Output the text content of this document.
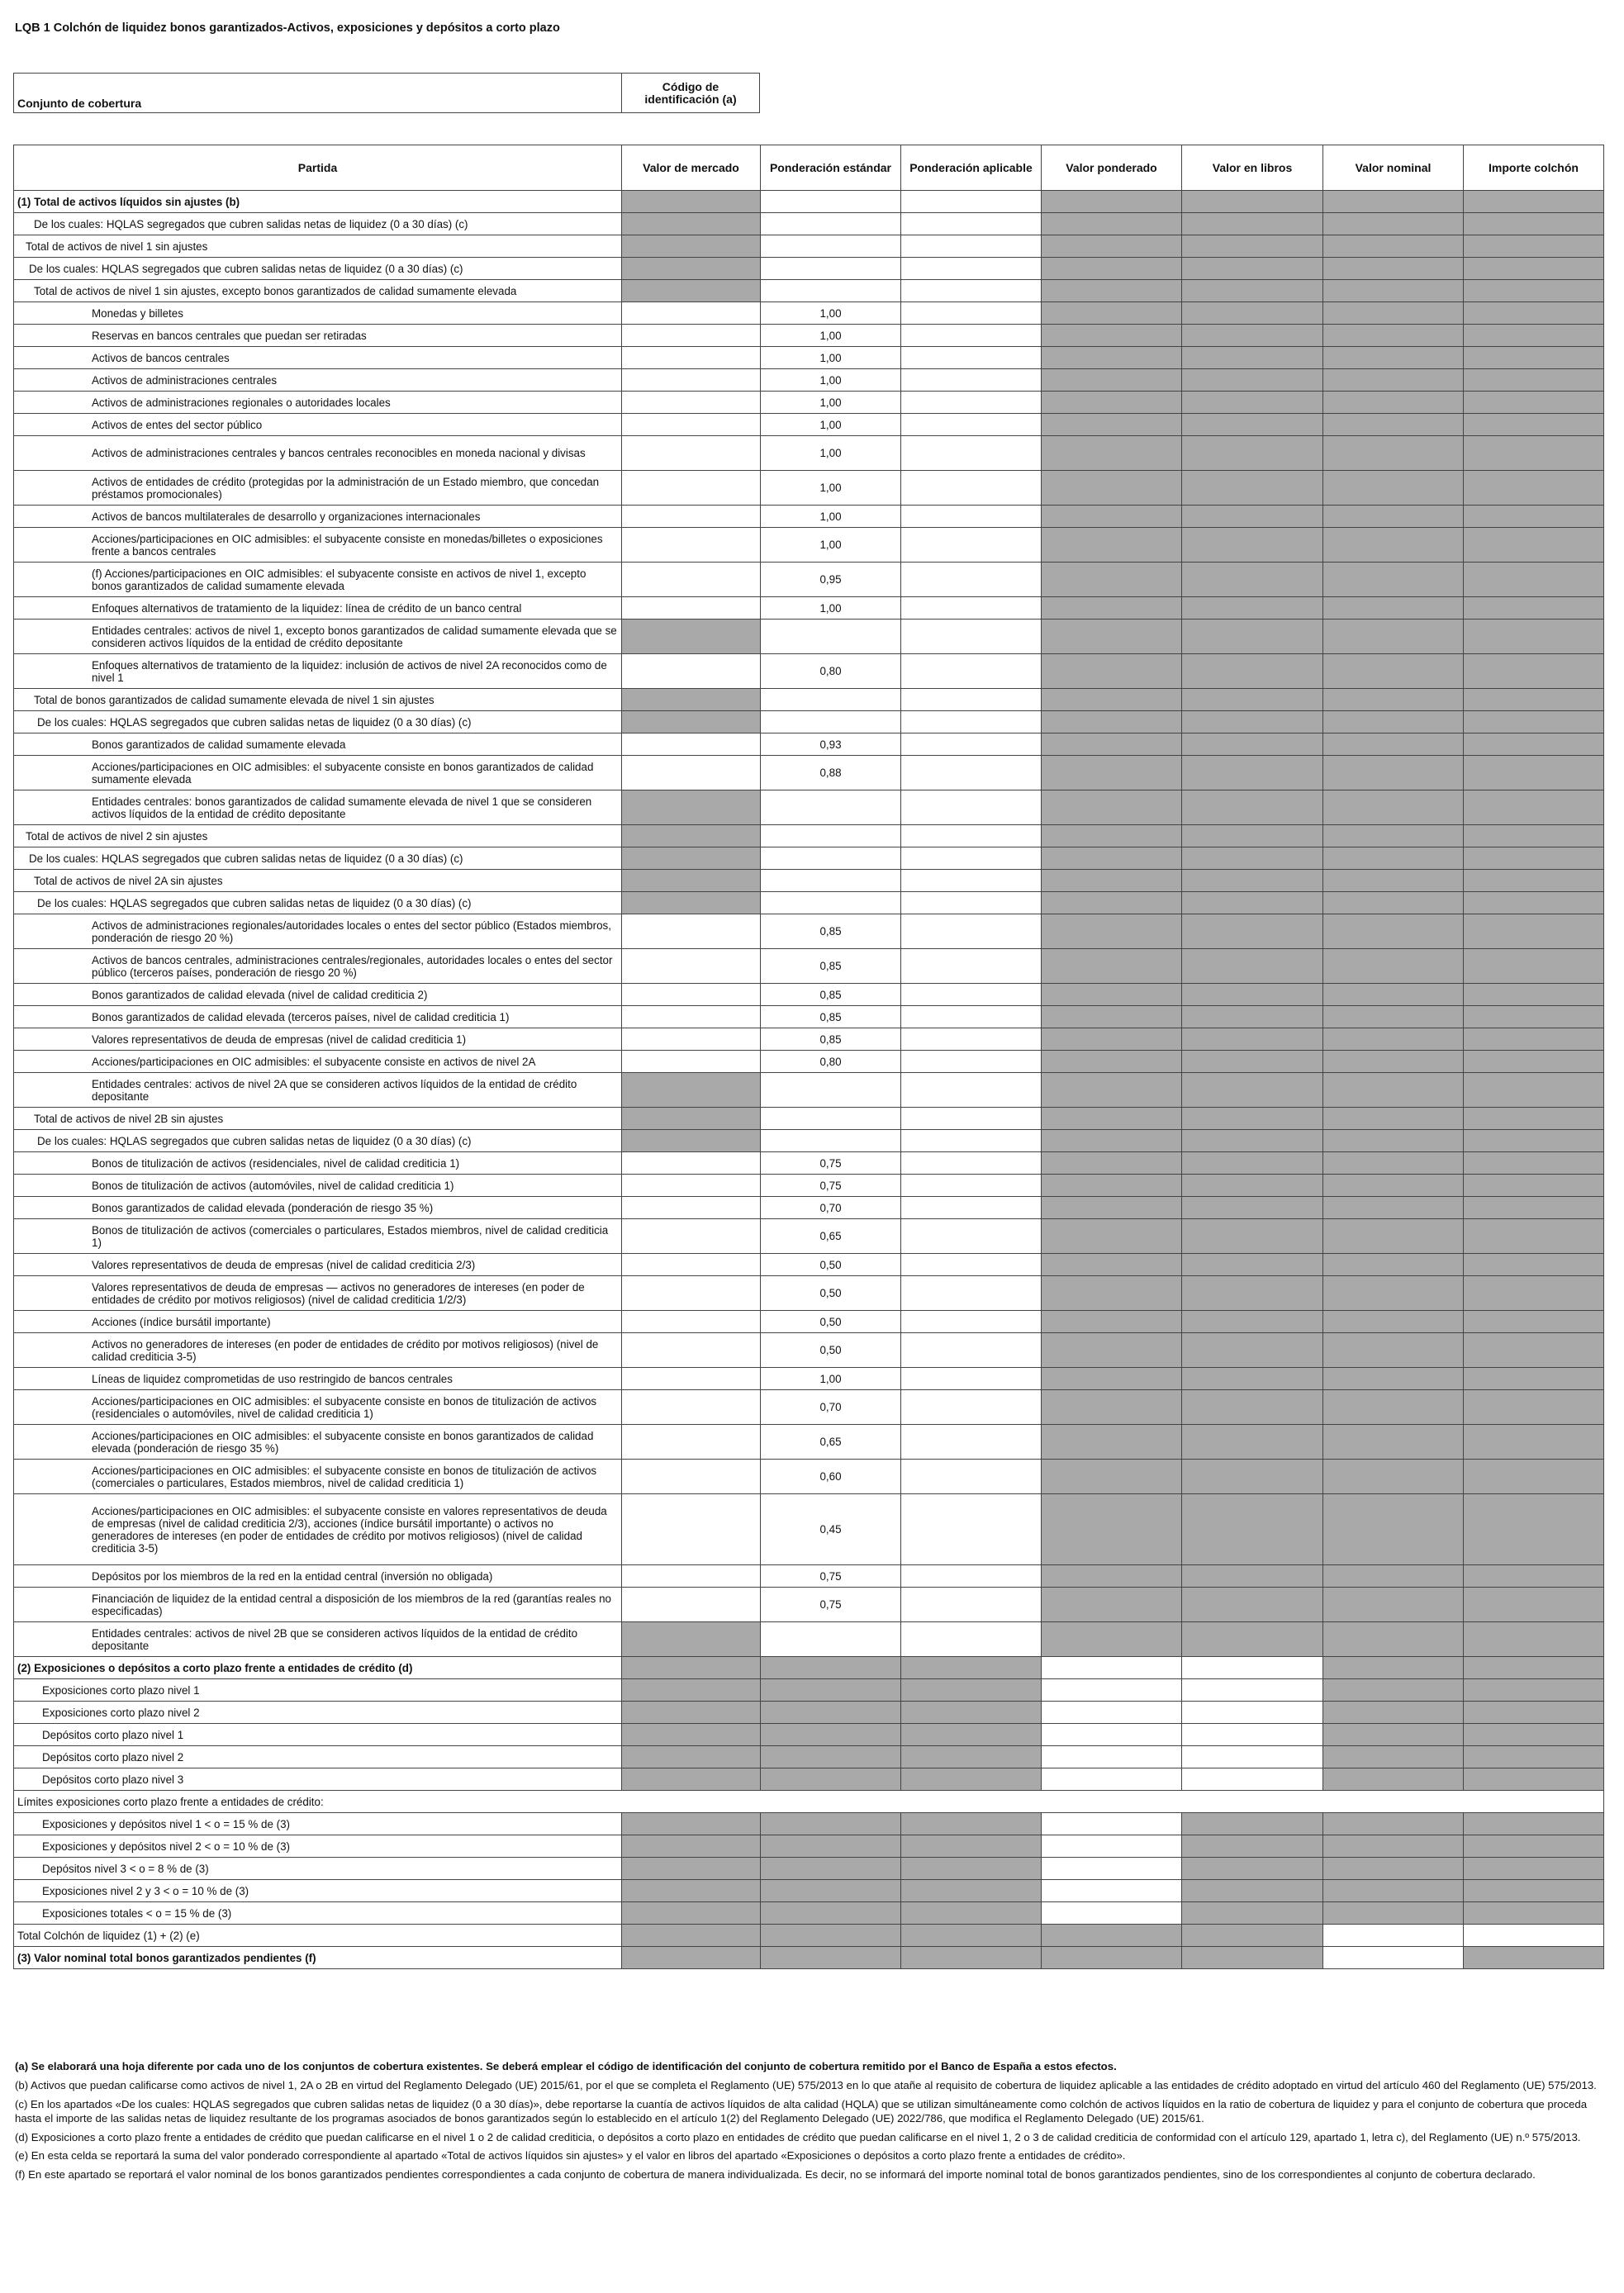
LQB 1 Colchón de liquidez bonos garantizados-Activos, exposiciones y depósitos a corto plazo
Conjunto de cobertura	Código de identificación (a)
Partida	Valor de mercado	Ponderación estándar	Ponderación aplicable	Valor ponderado	Valor en libros	Valor nominal	Importe colchón
(1) Total de activos líquidos sin ajustes (b)							
De los cuales: HQLAS segregados que cubren salidas netas de liquidez (0 a 30 días) (c)							
Total de activos de nivel 1 sin ajustes							
De los cuales: HQLAS segregados que cubren salidas netas de liquidez (0 a 30 días) (c)							
Total de activos de nivel 1 sin ajustes, excepto bonos garantizados de calidad sumamente elevada							
Monedas y billetes		1,00					
Reservas en bancos centrales que puedan ser retiradas		1,00					
Activos de bancos centrales		1,00					
Activos de administraciones centrales		1,00					
Activos de administraciones regionales o autoridades locales		1,00					
Activos de entes del sector público		1,00					
Activos de administraciones centrales y bancos centrales reconocibles en moneda nacional y divisas		1,00					
Activos de entidades de crédito (protegidas por la administración de un Estado miembro, que concedan préstamos promocionales)		1,00					
Activos de bancos multilaterales de desarrollo y organizaciones internacionales		1,00					
Acciones/participaciones en OIC admisibles: el subyacente consiste en monedas/billetes o exposiciones frente a bancos centrales		1,00					
(f) Acciones/participaciones en OIC admisibles: el subyacente consiste en activos de nivel 1, excepto bonos garantizados de calidad sumamente elevada		0,95					
Enfoques alternativos de tratamiento de la liquidez: línea de crédito de un banco central		1,00					
Entidades centrales: activos de nivel 1, excepto bonos garantizados de calidad sumamente elevada que se consideren activos líquidos de la entidad de crédito depositante							
Enfoques alternativos de tratamiento de la liquidez: inclusión de activos de nivel 2A reconocidos como de nivel 1		0,80					
Total de bonos garantizados de calidad sumamente elevada de nivel 1 sin ajustes							
De los cuales: HQLAS segregados que cubren salidas netas de liquidez (0 a 30 días) (c)							
Bonos garantizados de calidad sumamente elevada		0,93					
Acciones/participaciones en OIC admisibles: el subyacente consiste en bonos garantizados de calidad sumamente elevada		0,88					
Entidades centrales: bonos garantizados de calidad sumamente elevada de nivel 1 que se consideren activos líquidos de la entidad de crédito depositante							
Total de activos de nivel 2 sin ajustes							
De los cuales: HQLAS segregados que cubren salidas netas de liquidez (0 a 30 días) (c)							
Total de activos de nivel 2A sin ajustes							
De los cuales: HQLAS segregados que cubren salidas netas de liquidez (0 a 30 días) (c)							
Activos de administraciones regionales/autoridades locales o entes del sector público (Estados miembros, ponderación de riesgo 20 %)		0,85					
Activos de bancos centrales, administraciones centrales/regionales, autoridades locales o entes del sector público (terceros países, ponderación de riesgo 20 %)		0,85					
Bonos garantizados de calidad elevada (nivel de calidad crediticia 2)		0,85					
Bonos garantizados de calidad elevada (terceros países, nivel de calidad crediticia 1)		0,85					
Valores representativos de deuda de empresas (nivel de calidad crediticia 1)		0,85					
Acciones/participaciones en OIC admisibles: el subyacente consiste en activos de nivel 2A		0,80					
Entidades centrales: activos de nivel 2A que se consideren activos líquidos de la entidad de crédito depositante							
Total de activos de nivel 2B sin ajustes							
De los cuales: HQLAS segregados que cubren salidas netas de liquidez (0 a 30 días) (c)							
Bonos de titulización de activos (residenciales, nivel de calidad crediticia 1)		0,75					
Bonos de titulización de activos (automóviles, nivel de calidad crediticia 1)		0,75					
Bonos garantizados de calidad elevada (ponderación de riesgo 35 %)		0,70					
Bonos de titulización de activos (comerciales o particulares, Estados miembros, nivel de calidad crediticia 1)		0,65					
Valores representativos de deuda de empresas (nivel de calidad crediticia 2/3)		0,50					
Valores representativos de deuda de empresas — activos no generadores de intereses (en poder de entidades de crédito por motivos religiosos) (nivel de calidad crediticia 1/2/3)		0,50					
Acciones (índice bursátil importante)		0,50					
Activos no generadores de intereses (en poder de entidades de crédito por motivos religiosos) (nivel de calidad crediticia 3-5)		0,50					
Líneas de liquidez comprometidas de uso restringido de bancos centrales		1,00					
Acciones/participaciones en OIC admisibles: el subyacente consiste en bonos de titulización de activos (residenciales o automóviles, nivel de calidad crediticia 1)		0,70					
Acciones/participaciones en OIC admisibles: el subyacente consiste en bonos garantizados de calidad elevada (ponderación de riesgo 35 %)		0,65					
Acciones/participaciones en OIC admisibles: el subyacente consiste en bonos de titulización de activos (comerciales o particulares, Estados miembros, nivel de calidad crediticia 1)		0,60					
Acciones/participaciones en OIC admisibles: el subyacente consiste en valores representativos de deuda de empresas (nivel de calidad crediticia 2/3), acciones (índice bursátil importante) o activos no generadores de intereses (en poder de entidades de crédito por motivos religiosos) (nivel de calidad crediticia 3-5)		0,45					
Depósitos por los miembros de la red en la entidad central (inversión no obligada)		0,75					
Financiación de liquidez de la entidad central a disposición de los miembros de la red (garantías reales no especificadas)		0,75					
Entidades centrales: activos de nivel 2B que se consideren activos líquidos de la entidad de crédito depositante							
(2) Exposiciones o depósitos a corto plazo frente a entidades de crédito (d)							
Exposiciones corto plazo nivel 1							
Exposiciones corto plazo nivel 2							
Depósitos corto plazo nivel 1							
Depósitos corto plazo nivel 2							
Depósitos corto plazo nivel 3							
Límites exposiciones corto plazo frente a entidades de crédito:							
Exposiciones y depósitos nivel 1 < o = 15 % de (3)							
Exposiciones y depósitos nivel 2 < o = 10 % de (3)							
Depósitos nivel 3 < o = 8 % de (3)							
Exposiciones nivel 2 y 3 < o = 10 % de (3)							
Exposiciones totales < o = 15 % de (3)							
Total Colchón de liquidez (1) + (2) (e)							
(3) Valor nominal total bonos garantizados pendientes (f)							

(a) Se elaborará una hoja diferente por cada uno de los conjuntos de cobertura existentes. Se deberá emplear el código de identificación del conjunto de cobertura remitido por el Banco de España a estos efectos.

(b) Activos que puedan calificarse como activos de nivel 1, 2A o 2B en virtud del Reglamento Delegado (UE) 2015/61, por el que se completa el Reglamento (UE) 575/2013 en lo que atañe al requisito de cobertura de liquidez aplicable a las entidades de crédito adoptado en virtud del artículo 460 del Reglamento (UE) 575/2013.

(c) En los apartados «De los cuales: HQLAS segregados que cubren salidas netas de liquidez (0 a 30 días)», debe reportarse la cuantía de activos líquidos de alta calidad (HQLA) que se utilizan simultáneamente como colchón de activos líquidos en la ratio de cobertura de liquidez y para el conjunto de cobertura que proceda hasta el importe de las salidas netas de liquidez resultante de los programas asociados de bonos garantizados según lo establecido en el artículo 1(2) del Reglamento Delegado (UE) 2022/786, que modifica el Reglamento Delegado (UE) 2015/61.

(d) Exposiciones a corto plazo frente a entidades de crédito que puedan calificarse en el nivel 1 o 2 de calidad crediticia, o depósitos a corto plazo en entidades de crédito que puedan calificarse en el nivel 1, 2 o 3 de calidad crediticia de conformidad con el artículo 129, apartado 1, letra c), del Reglamento (UE) n.º 575/2013.

(e) En esta celda se reportará la suma del valor ponderado correspondiente al apartado «Total de activos líquidos sin ajustes» y el valor en libros del apartado «Exposiciones o depósitos a corto plazo frente a entidades de crédito».

(f) En este apartado se reportará el valor nominal de los bonos garantizados pendientes correspondientes a cada conjunto de cobertura de manera individualizada. Es decir, no se informará del importe nominal total de bonos garantizados pendientes, sino de los correspondientes al conjunto de cobertura declarado.
